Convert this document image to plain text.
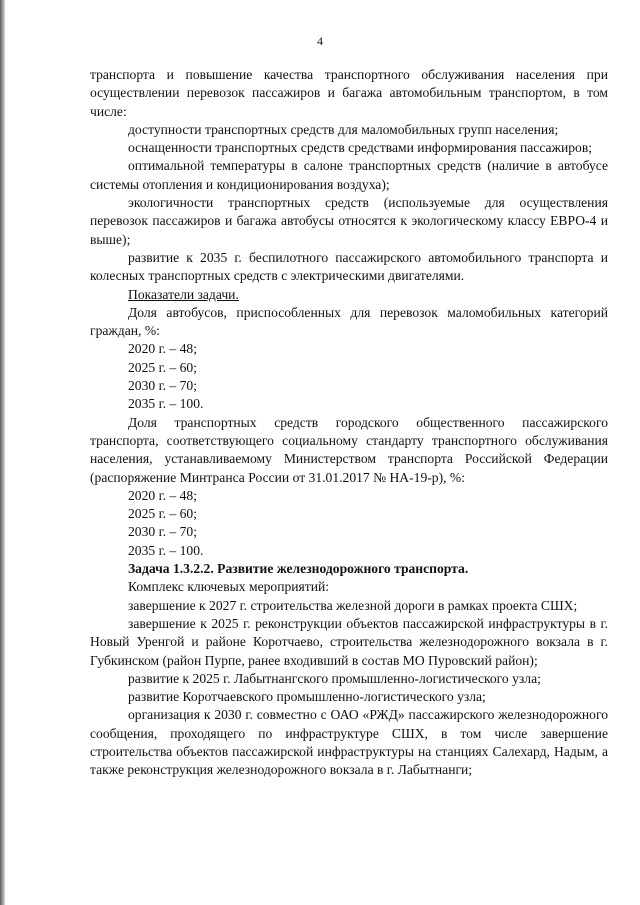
4

транспорта и повышение качества транспортного обслуживания населения при осуществлении перевозок пассажиров и багажа автомобильным транспортом, в том числе:

доступности транспортных средств для маломобильных групп населения;

оснащенности транспортных средств средствами информирования пассажиров;

оптимальной температуры в салоне транспортных средств (наличие в автобусе системы отопления и кондиционирования воздуха);

экологичности транспортных средств (используемые для осуществления перевозок пассажиров и багажа автобусы относятся к экологическому классу ЕВРО-4 и выше);

развитие к 2035 г. беспилотного пассажирского автомобильного транспорта и колесных транспортных средств с электрическими двигателями.

Показатели задачи.

Доля автобусов, приспособленных для перевозок маломобильных категорий граждан, %:

2020 г. – 48;

2025 г. – 60;

2030 г. – 70;

2035 г. – 100.

Доля транспортных средств городского общественного пассажирского транспорта, соответствующего социальному стандарту транспортного обслуживания населения, устанавливаемому Министерством транспорта Российской Федерации (распоряжение Минтранса России от 31.01.2017 № НА-19-р), %:

2020 г. – 48;

2025 г. – 60;

2030 г. – 70;

2035 г. – 100.

Задача 1.3.2.2. Развитие железнодорожного транспорта.

Комплекс ключевых мероприятий:

завершение к 2027 г. строительства железной дороги в рамках проекта СШХ;

завершение к 2025 г. реконструкции объектов пассажирской инфраструктуры в г. Новый Уренгой и районе Коротчаево, строительства железнодорожного вокзала в г. Губкинском (район Пурпе, ранее входивший в состав МО Пуровский район);

развитие к 2025 г. Лабытнангского промышленно-логистического узла;

развитие Коротчаевского промышленно-логистического узла;

организация к 2030 г. совместно с ОАО «РЖД» пассажирского железнодорожного сообщения, проходящего по инфраструктуре СШХ, в том числе завершение строительства объектов пассажирской инфраструктуры на станциях Салехард, Надым, а также реконструкция железнодорожного вокзала в г. Лабытнанги;
